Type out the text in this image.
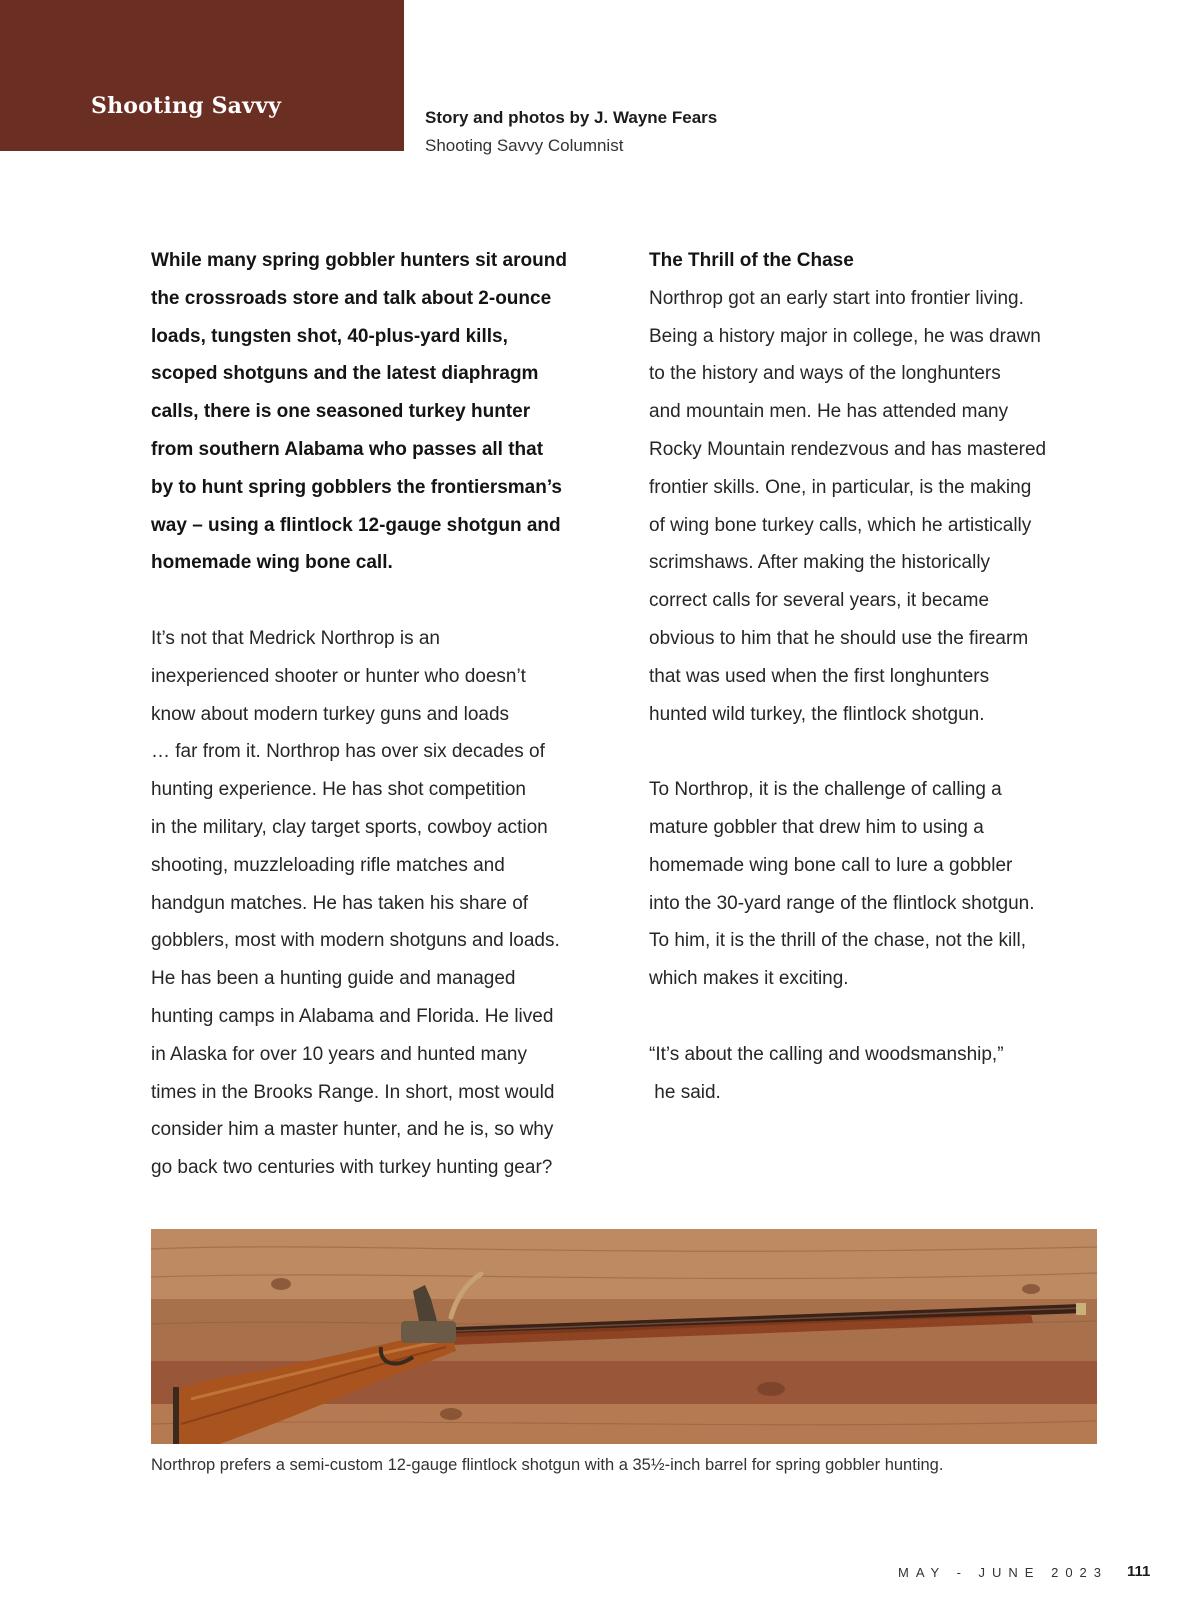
Shooting Savvy	Story and photos by J. Wayne Fears
Shooting Savvy Columnist

While many spring gobbler hunters sit around

the crossroads store and talk about 2-ounce

loads, tungsten shot, 40-plus-yard kills,

scoped shotguns and the latest diaphragm

calls, there is one seasoned turkey hunter

from southern Alabama who passes all that

by to hunt spring gobblers the frontiersman’s

way – using a flintlock 12-gauge shotgun and

homemade wing bone call.

It’s not that Medrick Northrop is an

inexperienced shooter or hunter who doesn’t

know about modern turkey guns and loads

… far from it. Northrop has over six decades of

hunting experience. He has shot competition

in the military, clay target sports, cowboy action

shooting, muzzleloading rifle matches and

handgun matches. He has taken his share of

gobblers, most with modern shotguns and loads.

He has been a hunting guide and managed

hunting camps in Alabama and Florida. He lived

in Alaska for over 10 years and hunted many

times in the Brooks Range. In short, most would

consider him a master hunter, and he is, so why

go back two centuries with turkey hunting gear?

The Thrill of the Chase

Northrop got an early start into frontier living.

Being a history major in college, he was drawn

to the history and ways of the longhunters

and mountain men. He has attended many

Rocky Mountain rendezvous and has mastered

frontier skills. One, in particular, is the making

of wing bone turkey calls, which he artistically

scrimshaws. After making the historically

correct calls for several years, it became

obvious to him that he should use the firearm

that was used when the first longhunters

hunted wild turkey, the flintlock shotgun.

To Northrop, it is the challenge of calling a

mature gobbler that drew him to using a

homemade wing bone call to lure a gobbler

into the 30-yard range of the flintlock shotgun.

To him, it is the thrill of the chase, not the kill,

which makes it exciting.

“It’s about the calling and woodsmanship,”

he said.

Northrop prefers a semi-custom 12-gauge flintlock shotgun with a 35½-inch barrel for spring gobbler hunting.
MAY - JUNE 2023 111
